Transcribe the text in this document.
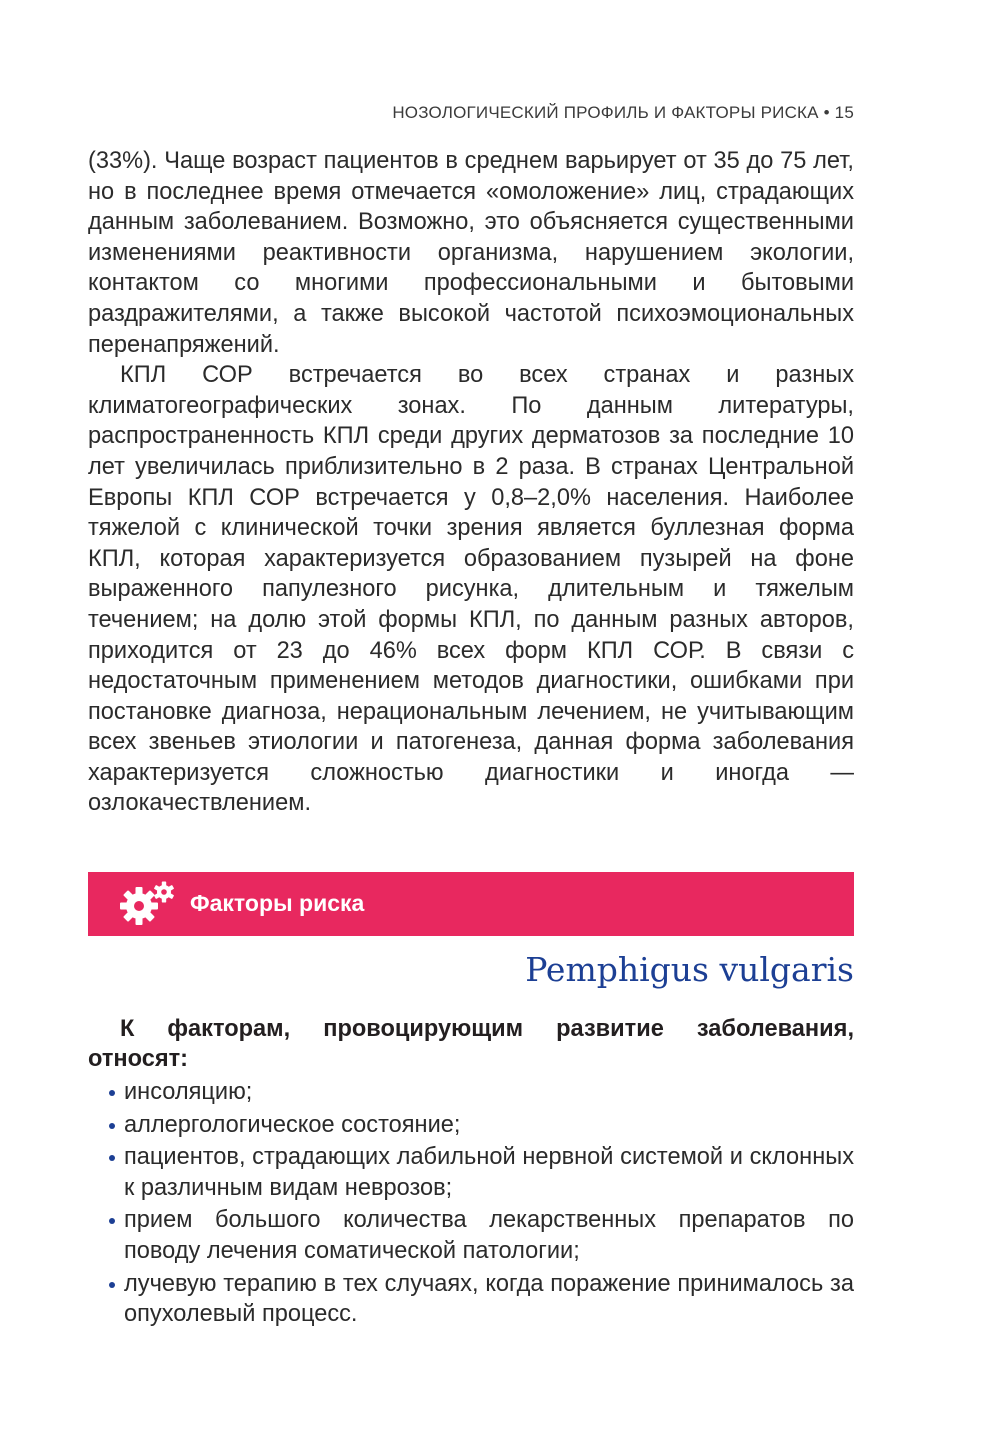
НОЗОЛОГИЧЕСКИЙ ПРОФИЛЬ И ФАКТОРЫ РИСКА • 15

(33%). Чаще возраст пациентов в среднем варьирует от 35 до 75 лет, но в последнее время отмечается «омоложение» лиц, страдающих данным заболеванием. Возможно, это объясняется существенными изменениями реактивности организма, нарушением экологии, контактом со многими профессиональными и бытовыми раздражителями, а также высокой частотой психоэмоциональных перенапряжений.

КПЛ СОР встречается во всех странах и разных климатогеографических зонах. По данным литературы, распространенность КПЛ среди других дерматозов за последние 10 лет увеличилась приблизительно в 2 раза. В странах Центральной Европы КПЛ СОР встречается у 0,8–2,0% населения. Наиболее тяжелой с клинической точки зрения является буллезная форма КПЛ, которая характеризуется образованием пузырей на фоне выраженного папулезного рисунка, длительным и тяжелым течением; на долю этой формы КПЛ, по данным разных авторов, приходится от 23 до 46% всех форм КПЛ СОР. В связи с недостаточным применением методов диагностики, ошибками при постановке диагноза, нерациональным лечением, не учитывающим всех звеньев этиологии и патогенеза, данная форма заболевания характеризуется сложностью диагностики и иногда — озлокачествлением.

Факторы риска
Pemphigus vulgaris
К факторам, провоцирующим развитие заболевания, относят:
инсоляцию;
аллергологическое состояние;
пациентов, страдающих лабильной нервной системой и склонных к различным видам неврозов;
прием большого количества лекарственных препаратов по поводу лечения соматической патологии;
лучевую терапию в тех случаях, когда поражение принималось за опухолевый процесс.
